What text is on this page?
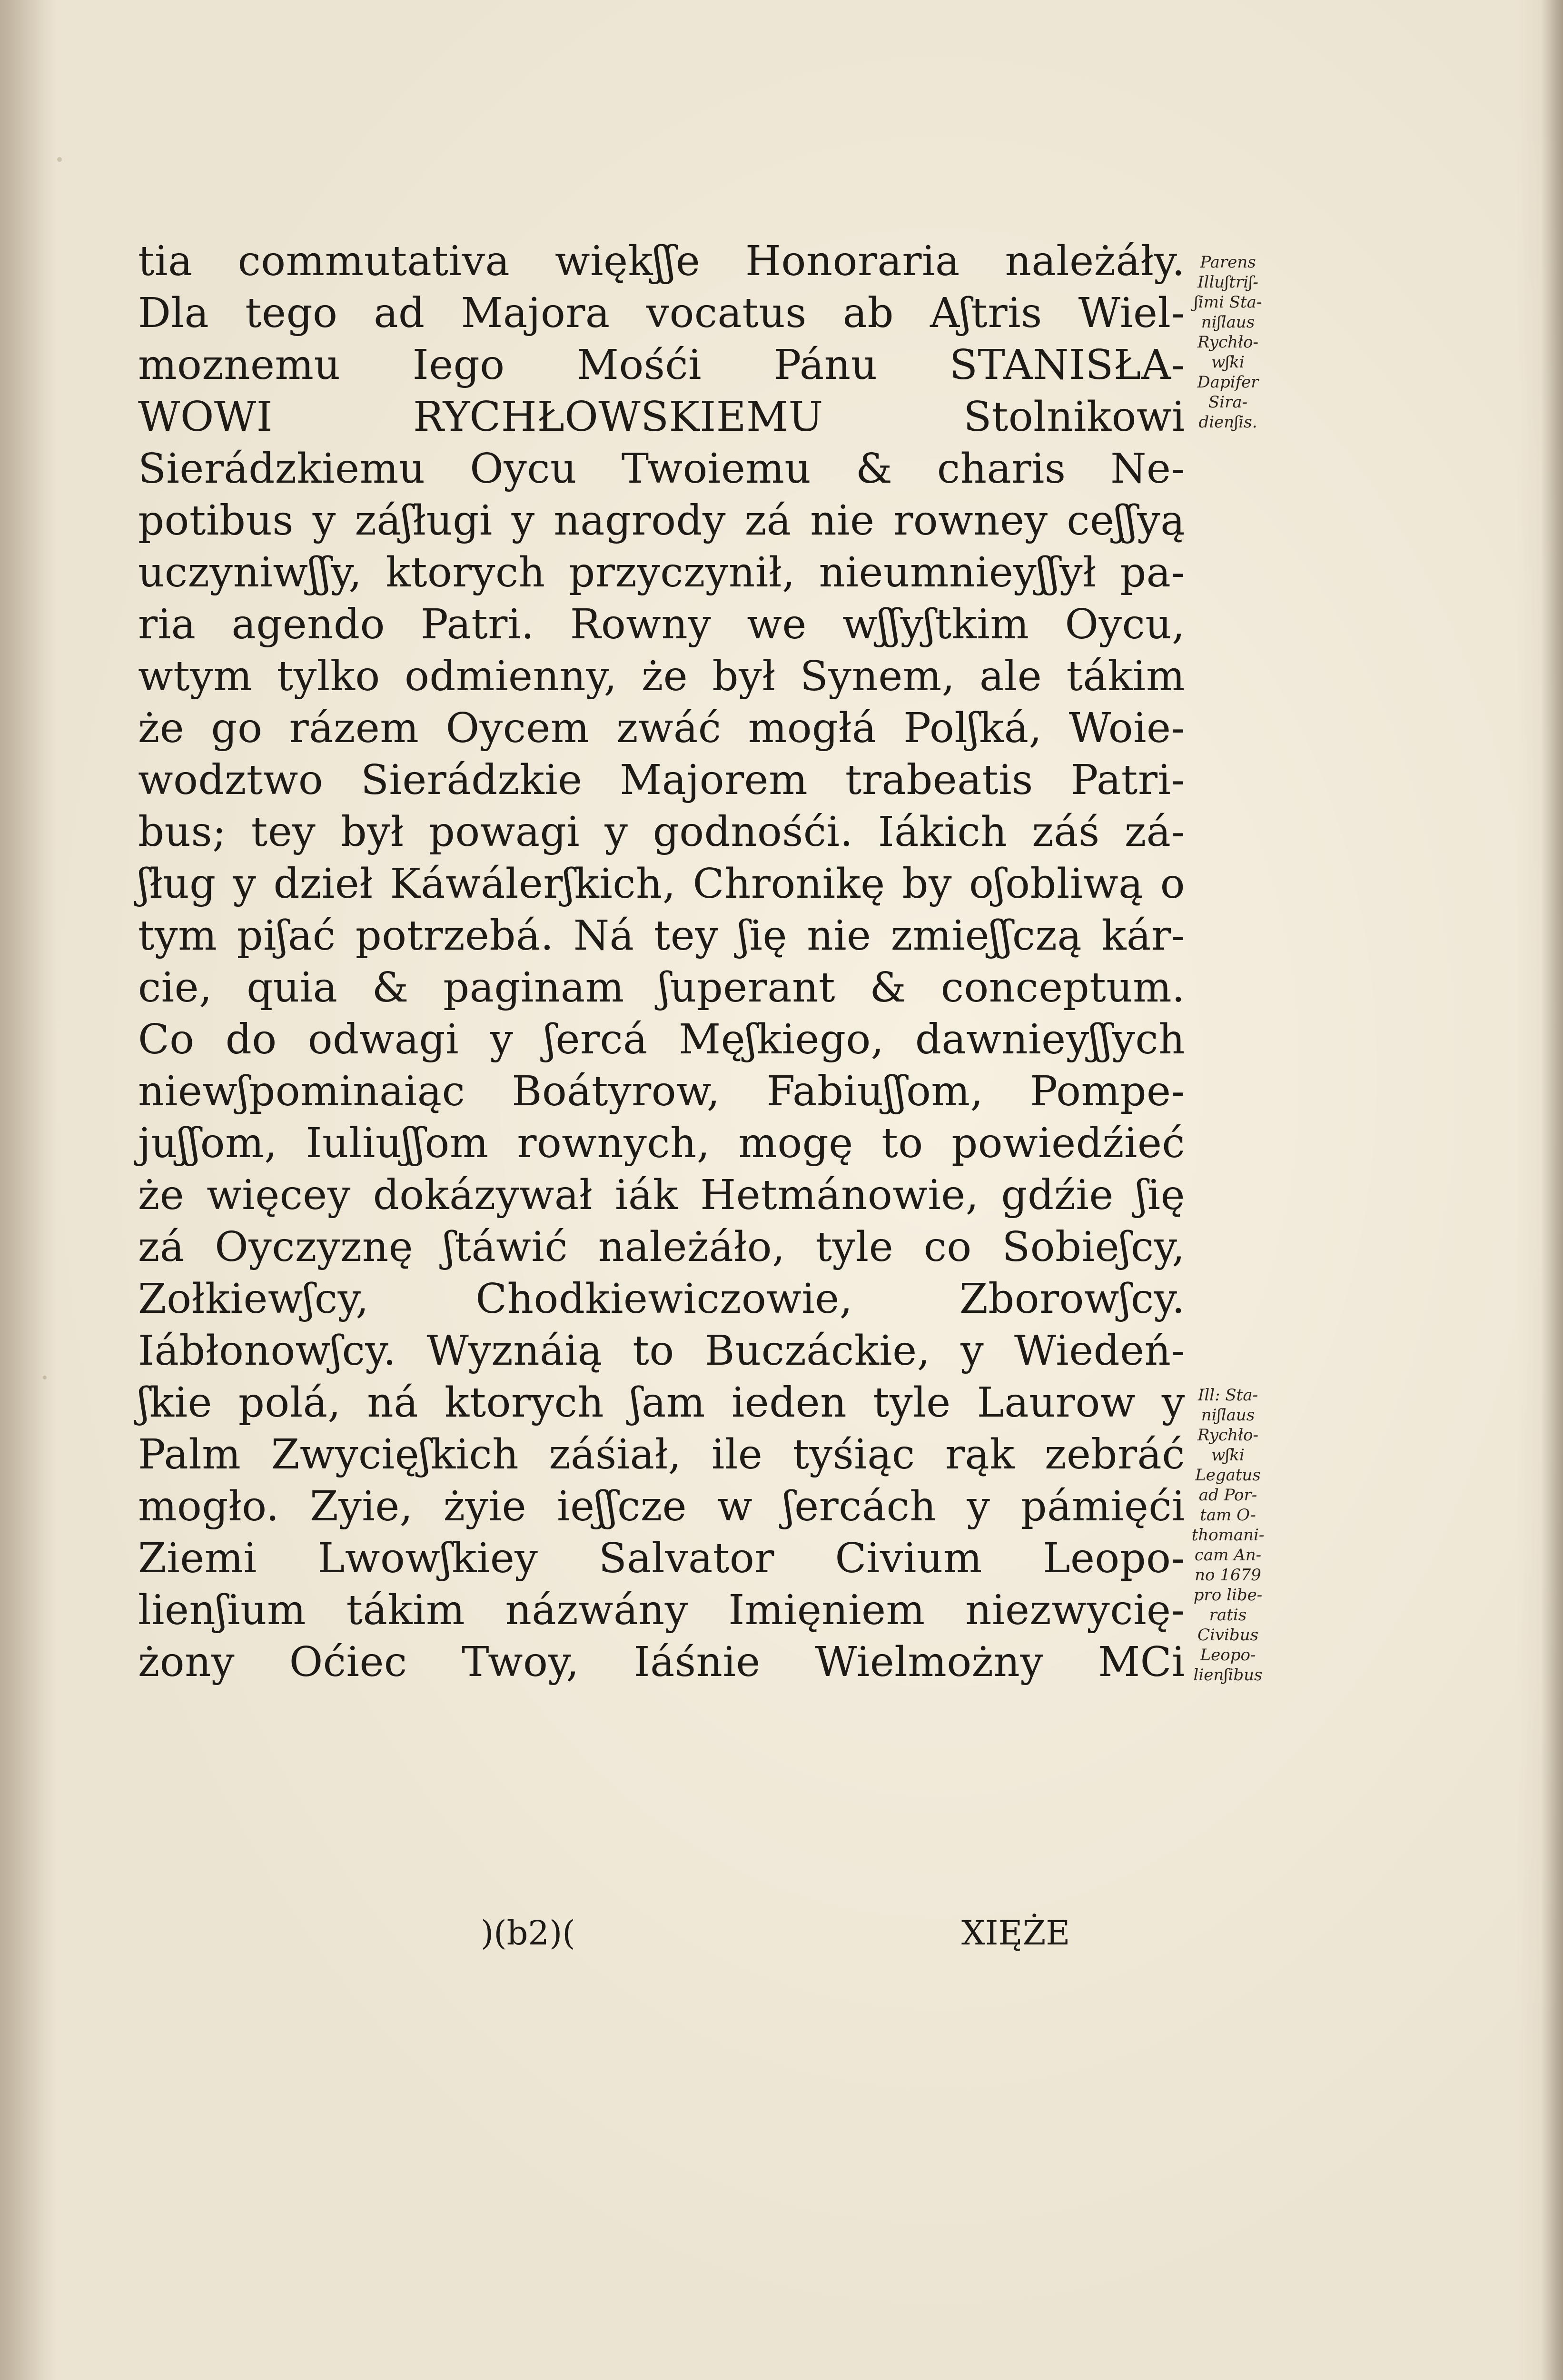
tia commutativa więkʃʃe Honoraria należáły.
Dla tego ad Majora vocatus ab Aʃtris Wiel-
moznemu Iego Mośći Pánu STANISŁA-
WOWI RYCHŁOWSKIEMU Stolnikowi
Sierádzkiemu Oycu Twoiemu & charis Ne-
potibus y záʃługi y nagrody zá nie rowney ceʃʃyą
uczyniwʃʃy, ktorych przyczynił, nieumnieyʃʃył pa-
ria agendo Patri. Rowny we wʃʃyʃtkim Oycu,
wtym tylko odmienny, że był Synem, ale tákim
że go rázem Oycem zwáć mogłá Polʃká, Woie-
wodztwo Sierádzkie Majorem trabeatis Patri-
bus; tey był powagi y godnośći. Iákich záś zá-
ʃług y dzieł Káwálerʃkich, Chronikę by oʃobliwą o
tym piʃać potrzebá. Ná tey ʃię nie zmieʃʃczą kár-
cie, quia & paginam ʃuperant & conceptum.
Co do odwagi y ʃercá Męʃkiego, dawnieyʃʃych
niewʃpominaiąc Boátyrow, Fabiuʃʃom, Pompe-
juʃʃom, Iuliuʃʃom rownych, mogę to powiedźieć
że więcey dokázywał iák Hetmánowie, gdźie ʃię
zá Oyczyznę ʃtáwić należáło, tyle co Sobieʃcy,
Zołkiewʃcy, Chodkiewiczowie, Zborowʃcy.
Iábłonowʃcy. Wyznáią to Buczáckie, y Wiedeń-
ʃkie polá, ná ktorych ʃam ieden tyle Laurow y
Palm Zwycięʃkich záśiał, ile tyśiąc rąk zebráć
mogło. Zyie, żyie ieʃʃcze w ʃercách y pámięći
Ziemi Lwowʃkiey Salvator Civium Leopo-
lienʃium tákim názwány Imięniem niezwycię-
żony Oćiec Twoy, Iáśnie Wielmożny MCi
Parens
Illuʃtriʃ-
ʃimi Sta-
niʃlaus
Rychło-
wʃki
Dapifer
Sira-
dienʃis.
Ill: Sta-
niʃlaus
Rychło-
wʃki
Legatus
ad Por-
tam O-
thomani-
cam An-
no 1679
pro libe-
ratis
Civibus
Leopo-
lienʃibus
)(b2)(	XIĘŻE
